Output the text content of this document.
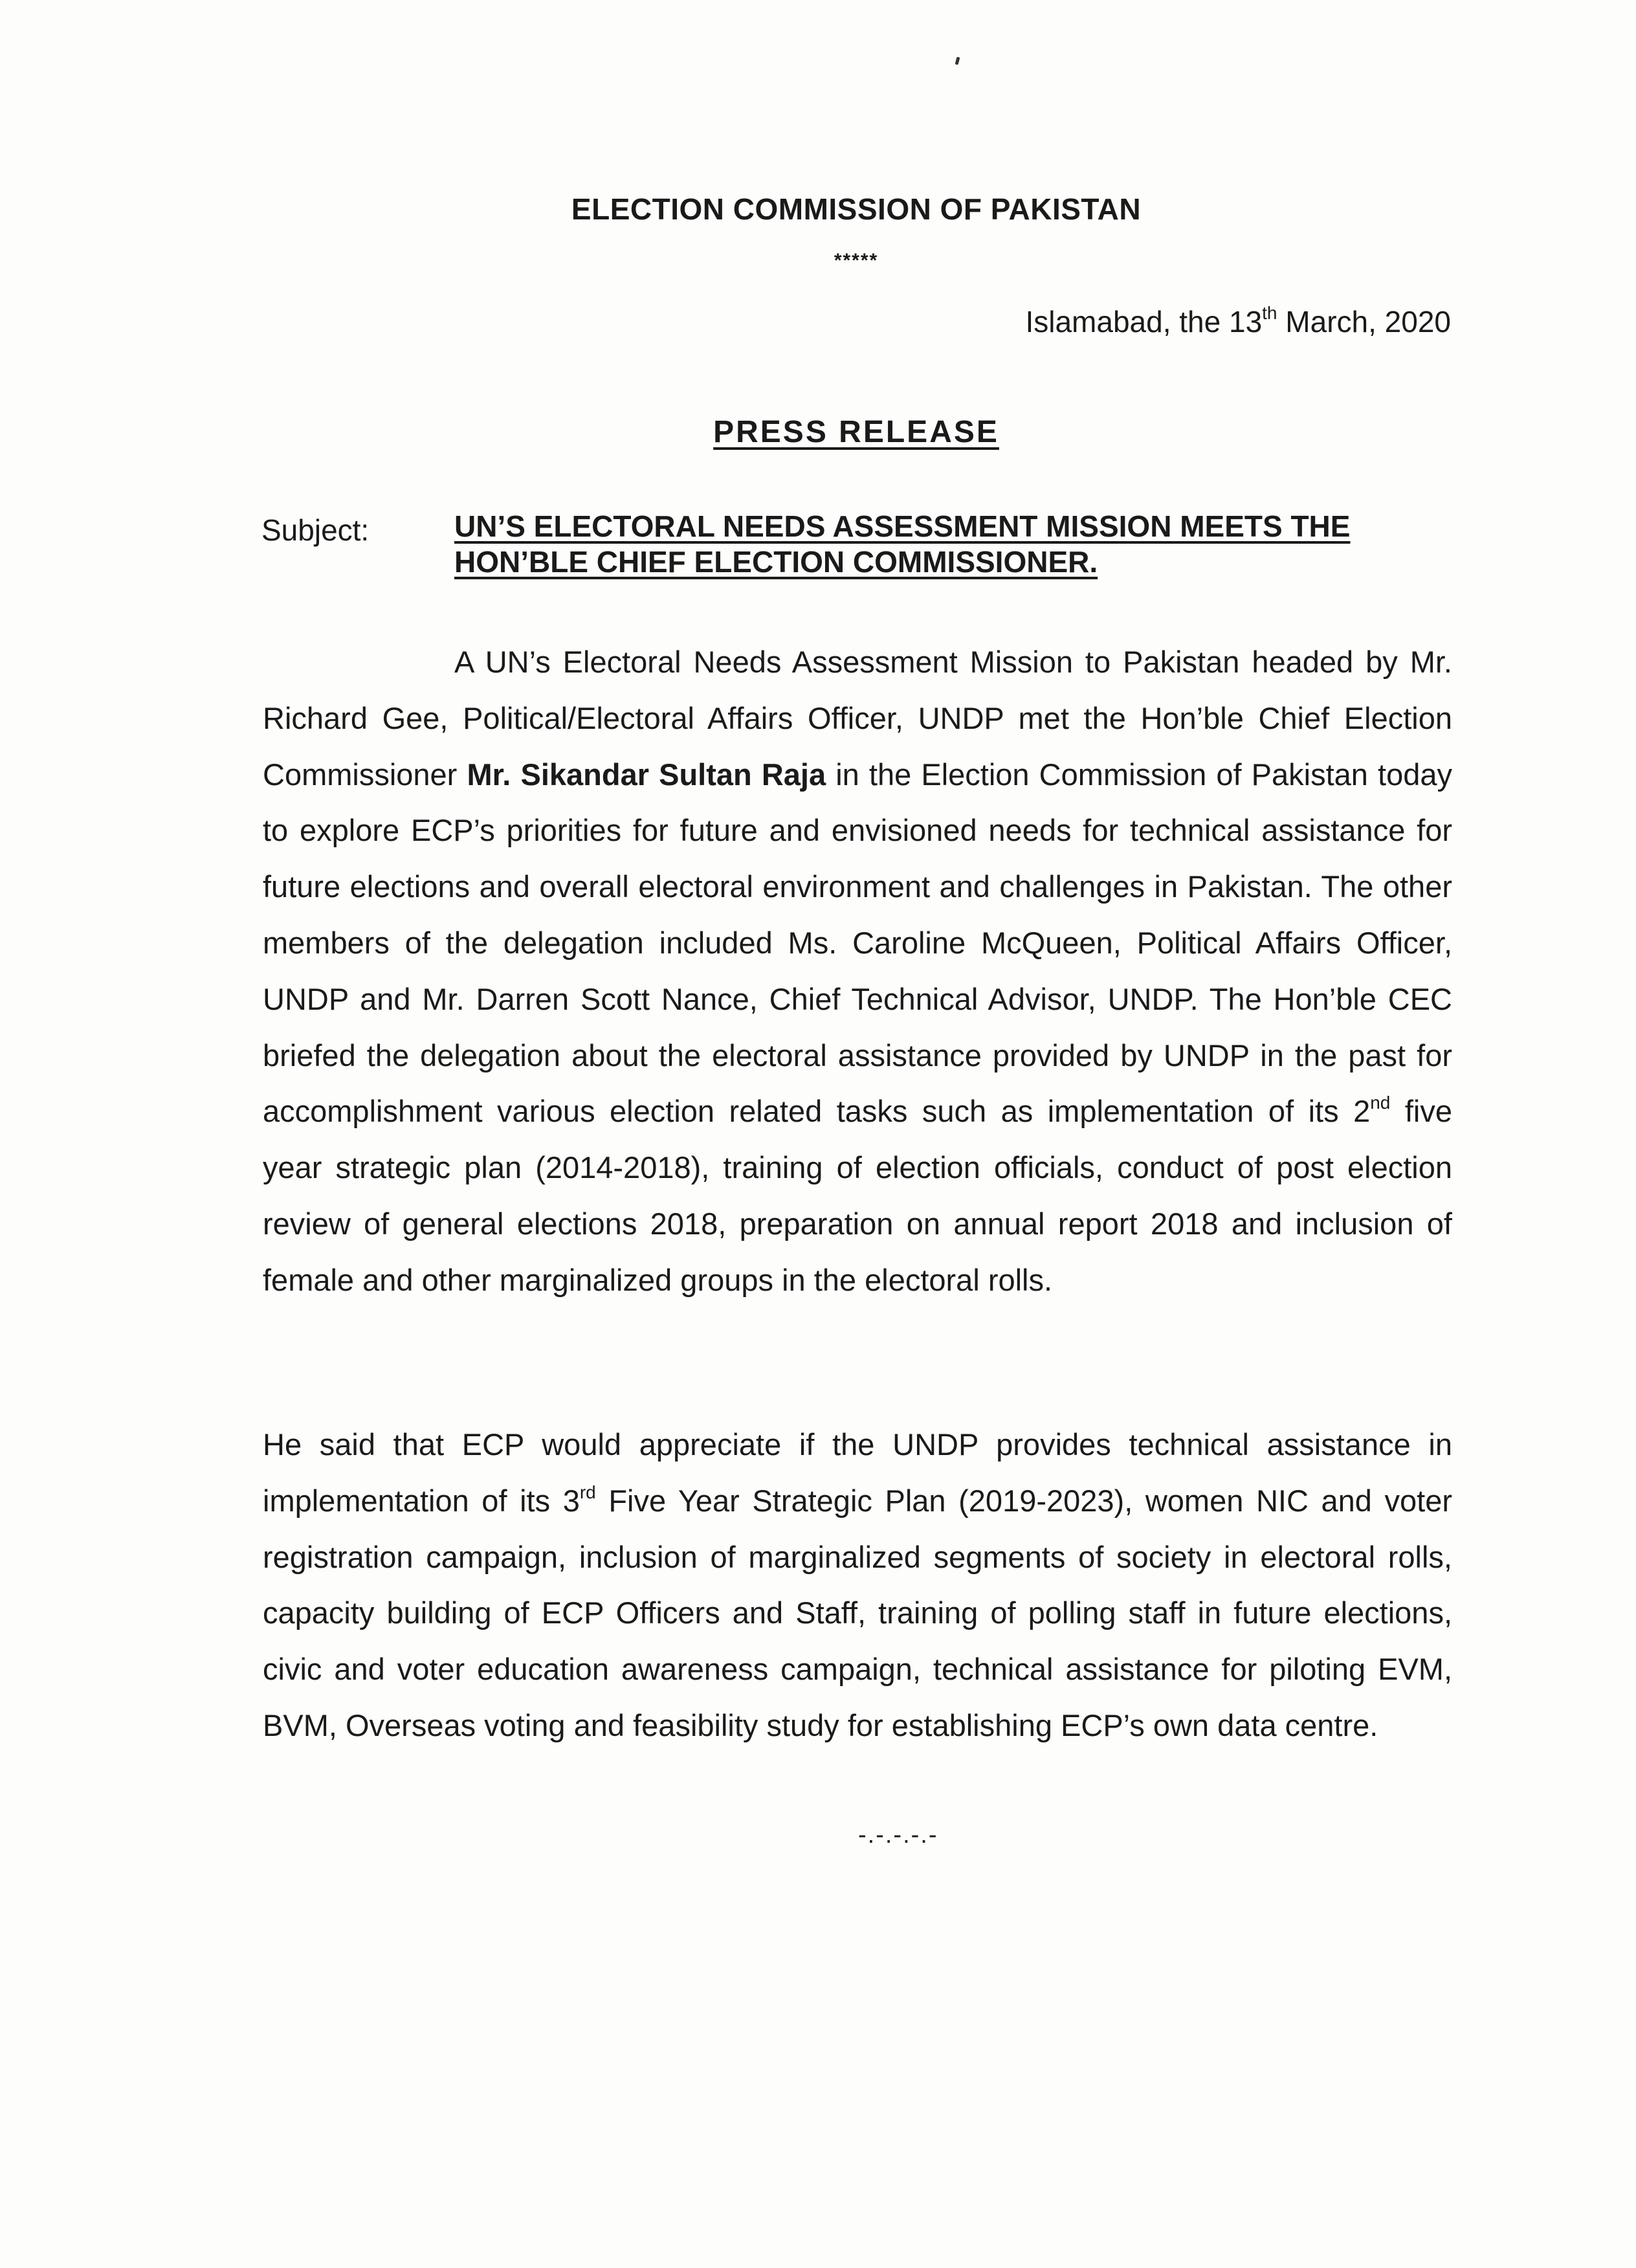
ELECTION COMMISSION OF PAKISTAN
*****
Islamabad, the 13th March, 2020
PRESS RELEASE
Subject:	UN’S ELECTORAL NEEDS ASSESSMENT MISSION MEETS THE HON’BLE CHIEF ELECTION COMMISSIONER.

A UN’s Electoral Needs Assessment Mission to Pakistan headed by Mr. Richard Gee, Political/Electoral Affairs Officer, UNDP met the Hon’ble Chief Election Commissioner Mr. Sikandar Sultan Raja in the Election Commission of Pakistan today to explore ECP’s priorities for future and envisioned needs for technical assistance for future elections and overall electoral environment and challenges in Pakistan. The other members of the delegation included Ms. Caroline McQueen, Political Affairs Officer, UNDP and Mr. Darren Scott Nance, Chief Technical Advisor, UNDP. The Hon’ble CEC briefed the delegation about the electoral assistance provided by UNDP in the past for accomplishment various election related tasks such as implementation of its 2nd five year strategic plan (2014-2018), training of election officials, conduct of post election review of general elections 2018, preparation on annual report 2018 and inclusion of female and other marginalized groups in the electoral rolls.

He said that ECP would appreciate if the UNDP provides technical assistance in implementation of its 3rd Five Year Strategic Plan (2019-2023), women NIC and voter registration campaign, inclusion of marginalized segments of society in electoral rolls, capacity building of ECP Officers and Staff, training of polling staff in future elections, civic and voter education awareness campaign, technical assistance for piloting EVM, BVM, Overseas voting and feasibility study for establishing ECP’s own data centre.

-.-.-.-.-
